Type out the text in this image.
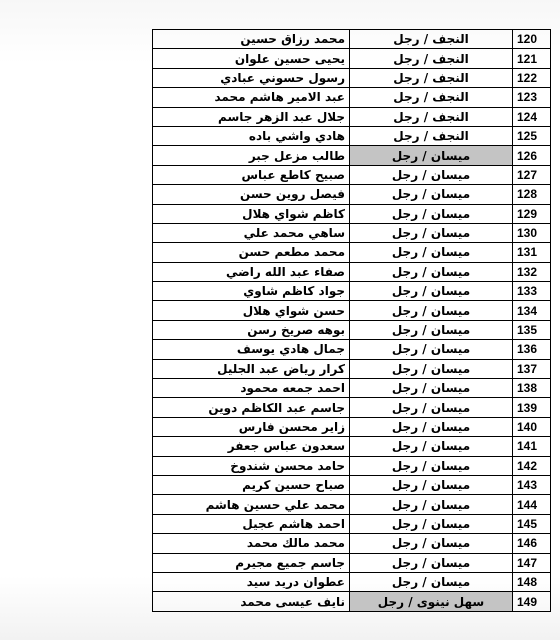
محمد رزاق حسين	النجف / رجل	120
يحيى حسين علوان	النجف / رجل	121
رسول حسوني عبادي	النجف / رجل	122
عبد الامير هاشم محمد	النجف / رجل	123
جلال عبد الزهر جاسم	النجف / رجل	124
هادي واشي باده	النجف / رجل	125
طالب مزعل جبر	ميسان / رجل	126
صبيح كاطع عباس	ميسان / رجل	127
فيصل روين حسن	ميسان / رجل	128
كاظم شواي هلال	ميسان / رجل	129
ساهي محمد علي	ميسان / رجل	130
محمد مطعم حسن	ميسان / رجل	131
صفاء عبد الله راضي	ميسان / رجل	132
جواد كاظم شاوي	ميسان / رجل	133
حسن شواي هلال	ميسان / رجل	134
بوهه صريخ رسن	ميسان / رجل	135
جمال هادي يوسف	ميسان / رجل	136
كرار رياض عبد الجليل	ميسان / رجل	137
احمد جمعه محمود	ميسان / رجل	138
جاسم عبد الكاظم دوين	ميسان / رجل	139
زاير محسن فارس	ميسان / رجل	140
سعدون عباس جعفر	ميسان / رجل	141
حامد محسن شندوخ	ميسان / رجل	142
صباح حسين كريم	ميسان / رجل	143
محمد علي حسين هاشم	ميسان / رجل	144
احمد هاشم عجيل	ميسان / رجل	145
محمد مالك محمد	ميسان / رجل	146
جاسم جميع مجيرم	ميسان / رجل	147
عطوان دريد سيد	ميسان / رجل	148
نايف عيسى محمد	سهل نينوى / رجل	149
